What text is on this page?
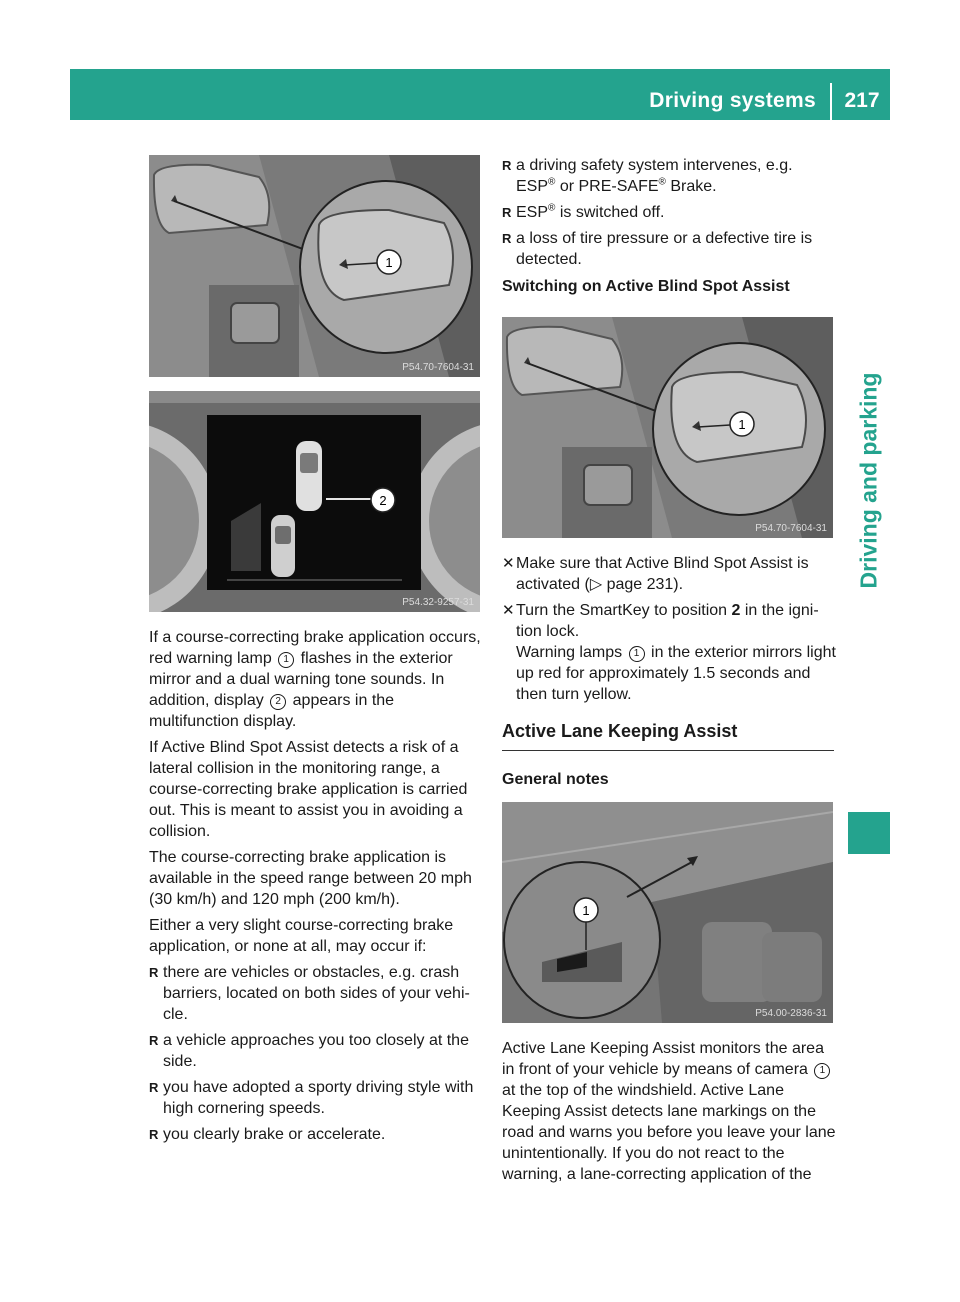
Driving systems	217
Driving and parking
1
P54.70-7604-31
2
P54.32-9257-31

If a course-correcting brake application occurs, red warning lamp 1 flashes in the exterior mirror and a dual warning tone sounds. In addition, display 2 appears in the multifunction display.

If Active Blind Spot Assist detects a risk of a lateral collision in the monitoring range, a course-correcting brake application is carried out. This is meant to assist you in avoiding a collision.

The course-correcting brake application is available in the speed range between 20 mph (30 km/h) and 120 mph (200 km/h).

Either a very slight course-correcting brake application, or none at all, may occur if:

R there are vehicles or obstacles, e.g. crash barriers, located on both sides of your vehi-cle.
R a vehicle approaches you too closely at the side.
R you have adopted a sporty driving style with high cornering speeds.
R you clearly brake or accelerate.
R a driving safety system intervenes, e.g. ESP® or PRE-SAFE® Brake.
R ESP® is switched off.
R a loss of tire pressure or a defective tire is detected.
Switching on Active Blind Spot Assist
1
P54.70-7604-31
✕ Make sure that Active Blind Spot Assist is activated (▷ page 231).
✕ Turn the SmartKey to position 2 in the igni-tion lock.
Warning lamps 1 in the exterior mirrors light up red for approximately 1.5 seconds and then turn yellow.
Active Lane Keeping Assist
General notes
1
P54.00-2836-31

Active Lane Keeping Assist monitors the area in front of your vehicle by means of camera 1 at the top of the windshield. Active Lane Keeping Assist detects lane markings on the road and warns you before you leave your lane unintentionally. If you do not react to the warning, a lane-correcting application of the
